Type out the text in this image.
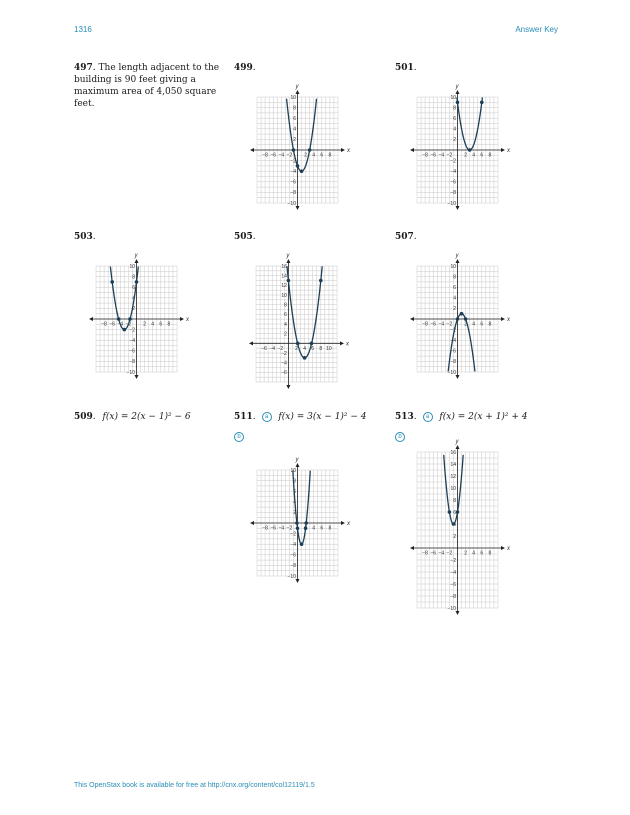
1316	Answer Key
497. The length adjacent to the building is 90 feet giving a maximum area of 4,050 square feet.
499.	501.
503.	505.	507.
509. f(x) = 2(x − 1)² − 6	511. a f(x) = 3(x − 1)² − 4
b
513. a f(x) = 2(x + 1)² + 4
b
x
y
−8 −6 −4 −2 2 4 6 8
10
8
6
4
2
−2
−4
−6
−8
−10
x
y
−8 −6 −4 −2 2 4 6 8
10
8
6
4
2
−2
−4
−6
−8
−10
x
y
−8 −6 −4 −2 2 4 6 8
10
8
6
4
2
−2
−4
−6
−8
−10
x
y
−6 −4 −2 2 4 6 8 10
16
14
12
10
8
6
4
2
−2
−4
−6
x
y
−8 −6 −4 −2 2 4 6 8
10
8
6
4
2
−2
−4
−6
−8
−10
x
y
−8 −6 −4 −2	4 6 8
10
8
6
4
2
−2
−4
−6
−8
−10
x
y
−8 −6 −4 −2 2 4 6 8
16
14
12
10
8
6
2
−2
−4
−6
−8
−10
This OpenStax book is available for free at http://cnx.org/content/col12119/1.5
